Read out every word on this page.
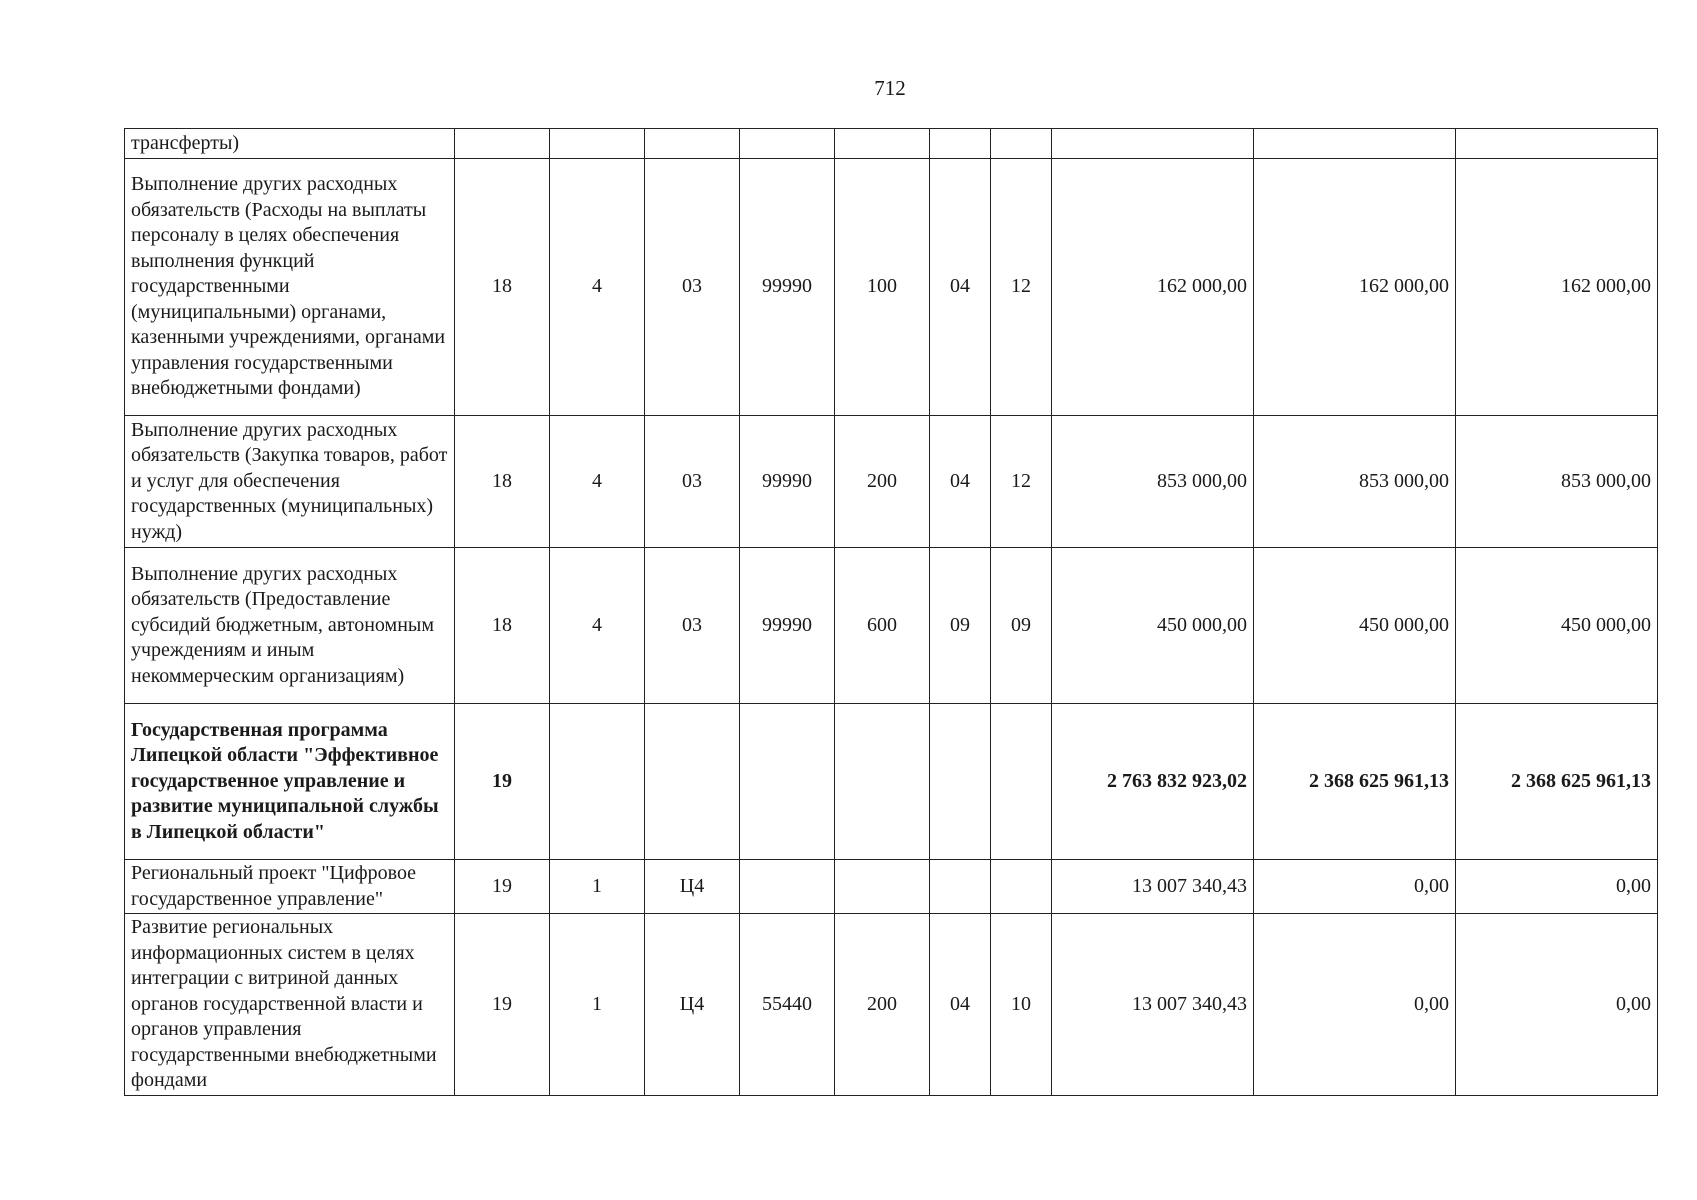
712
трансферты)										
Выполнение других расходных обязательств (Расходы на выплаты персоналу в целях обеспечения выполнения функций государственными (муниципальными) органами, казенными учреждениями, органами управления государственными внебюджетными фондами)	18	4	03	99990	100	04	12	162 000,00	162 000,00	162 000,00
Выполнение других расходных обязательств (Закупка товаров, работ и услуг для обеспечения государственных (муниципальных) нужд)	18	4	03	99990	200	04	12	853 000,00	853 000,00	853 000,00
Выполнение других расходных обязательств (Предоставление субсидий бюджетным, автономным учреждениям и иным некоммерческим организациям)	18	4	03	99990	600	09	09	450 000,00	450 000,00	450 000,00
Государственная программа Липецкой области "Эффективное государственное управление и развитие муниципальной службы в Липецкой области"	19							2 763 832 923,02	2 368 625 961,13	2 368 625 961,13
Региональный проект "Цифровое государственное управление"	19	1	Ц4					13 007 340,43	0,00	0,00
Развитие региональных информационных систем в целях интеграции с витриной данных органов государственной власти и органов управления государственными внебюджетными фондами	19	1	Ц4	55440	200	04	10	13 007 340,43	0,00	0,00
